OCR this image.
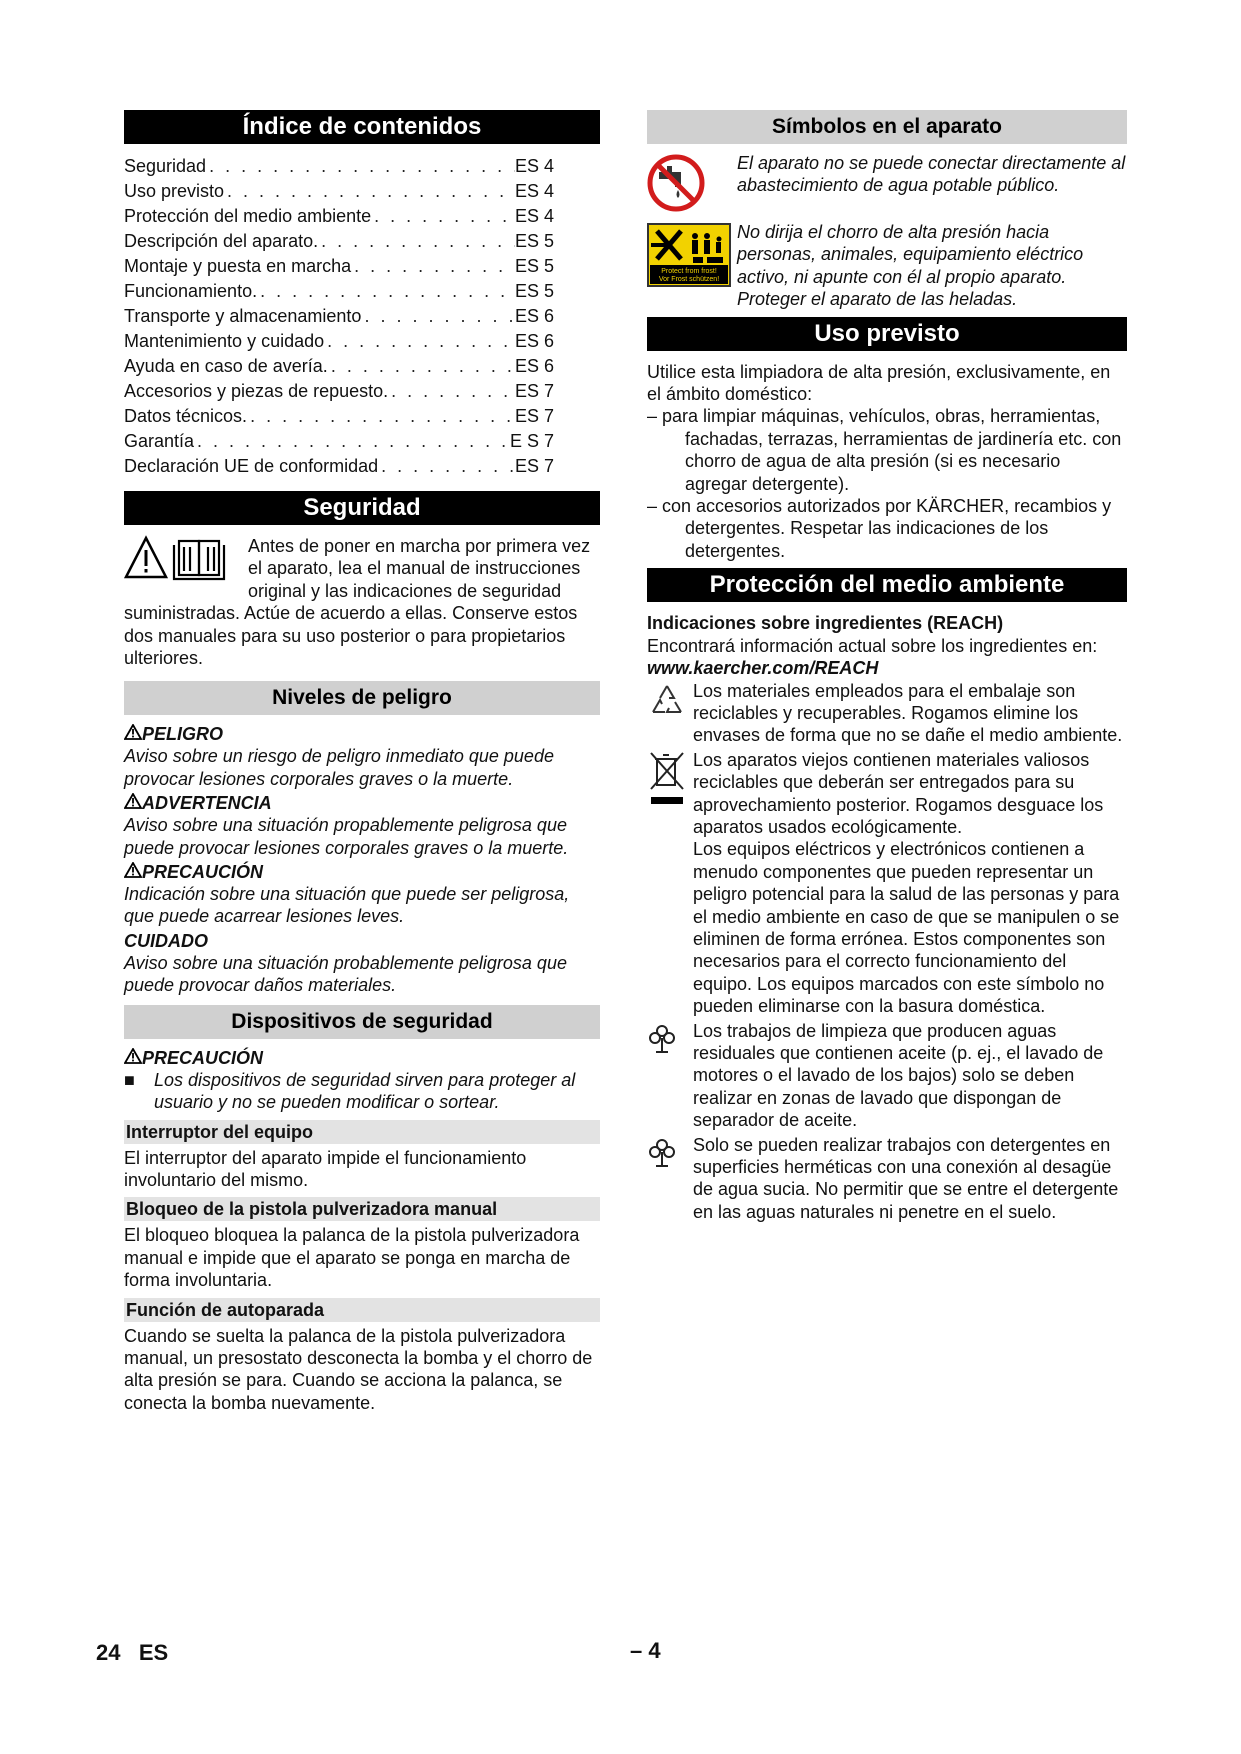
Índice de contenidos
Seguridad . . .	ES 4
Uso previsto . . .	ES 4
Protección del medio ambiente . . .	ES 4
Descripción del aparato. . . .	ES 5
Montaje y puesta en marcha . . .	ES 5
Funcionamiento. . . .	ES 5
Transporte y almacenamiento . . .	ES 6
Mantenimiento y cuidado . . .	ES 6
Ayuda en caso de avería. . . .	ES 6
Accesorios y piezas de repuesto. . . .	ES 7
Datos técnicos. . . .	ES 7
Garantía . . .	E S 7
Declaración UE de conformidad . . .	ES 7
Seguridad
Antes de poner en marcha por primera vez el aparato, lea el manual de instrucciones original y las indicaciones de seguridad suministradas. Actúe de acuerdo a ellas. Conserve estos dos manuales para su uso posterior o para propietarios ulteriores.
Niveles de peligro
PELIGRO
Aviso sobre un riesgo de peligro inmediato que puede provocar lesiones corporales graves o la muerte.
ADVERTENCIA
Aviso sobre una situación propablemente peligrosa que puede provocar lesiones corporales graves o la muerte.
PRECAUCIÓN
Indicación sobre una situación que puede ser peligrosa, que puede acarrear lesiones leves.
CUIDADO
Aviso sobre una situación probablemente peligrosa que puede provocar daños materiales.
Dispositivos de seguridad
PRECAUCIÓN
■	Los dispositivos de seguridad sirven para proteger al usuario y no se pueden modificar o sortear.
Interruptor del equipo
El interruptor del aparato impide el funcionamiento involuntario del mismo.
Bloqueo de la pistola pulverizadora manual
El bloqueo bloquea la palanca de la pistola pulverizadora manual e impide que el aparato se ponga en marcha de forma involuntaria.
Función de autoparada
Cuando se suelta la palanca de la pistola pulverizadora manual, un presostato desconecta la bomba y el chorro de alta presión se para. Cuando se acciona la palanca, se conecta la bomba nuevamente.
Símbolos en el aparato
El aparato no se puede conectar directamente al abastecimiento de agua potable público.
Protect from frost!
Vor Frost schützen!
No dirija el chorro de alta presión hacia personas, animales, equipamiento eléctrico activo, ni apunte con él al propio aparato. Proteger el aparato de las heladas.
Uso previsto
Utilice esta limpiadora de alta presión, exclusivamente, en el ámbito doméstico:
– para limpiar máquinas, vehículos, obras, herramientas, fachadas, terrazas, herramientas de jardinería etc. con chorro de agua de alta presión (si es necesario agregar detergente).
– con accesorios autorizados por KÄRCHER, recambios y detergentes. Respetar las indicaciones de los detergentes.
Protección del medio ambiente
Indicaciones sobre ingredientes (REACH)
Encontrará información actual sobre los ingredientes en:
www.kaercher.com/REACH
Los materiales empleados para el embalaje son reciclables y recuperables. Rogamos elimine los envases de forma que no se dañe el medio ambiente.
Los aparatos viejos contienen materiales valiosos reciclables que deberán ser entregados para su aprovechamiento posterior. Rogamos desguace los aparatos usados ecológicamente.
Los equipos eléctricos y electrónicos contienen a menudo componentes que pueden representar un peligro potencial para la salud de las personas y para el medio ambiente en caso de que se manipulen o se eliminen de forma errónea. Estos componentes son necesarios para el correcto funcionamiento del equipo. Los equipos marcados con este símbolo no pueden eliminarse con la basura doméstica.
Los trabajos de limpieza que producen aguas residuales que contienen aceite (p. ej., el lavado de motores o el lavado de los bajos) solo se deben realizar en zonas de lavado que dispongan de separador de aceite.
Solo se pueden realizar trabajos con detergentes en superficies herméticas con una conexión al desagüe de agua sucia. No permitir que se entre el detergente en las aguas naturales ni penetre en el suelo.
24 ES	– 4
